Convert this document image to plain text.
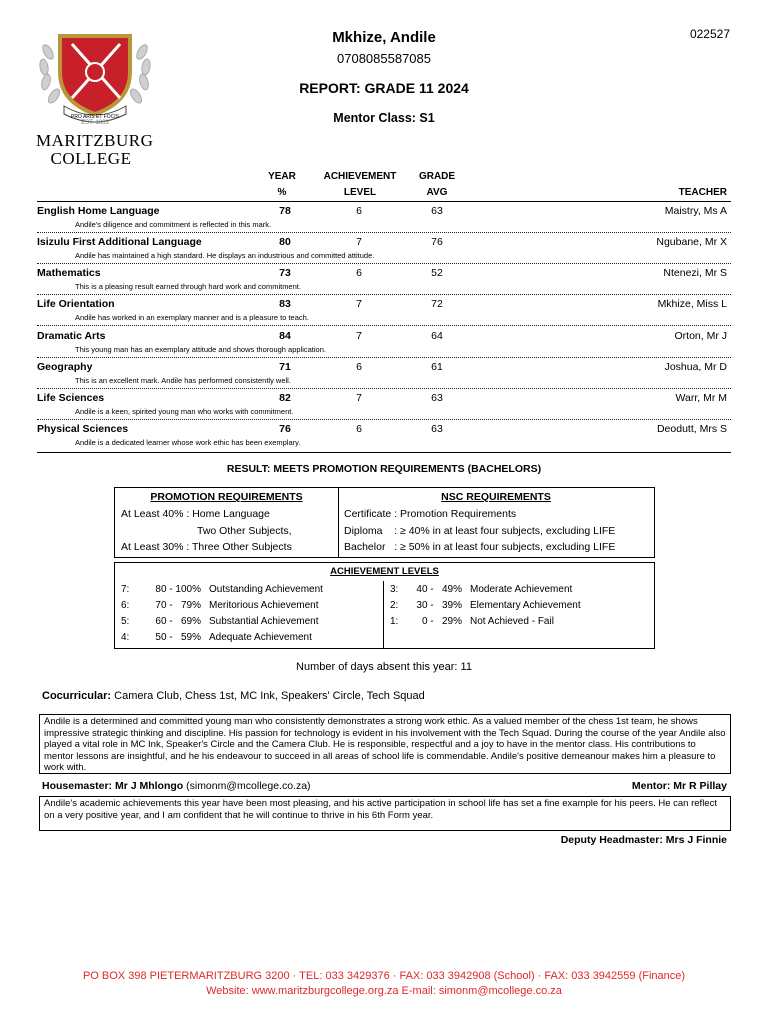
PRO ARIS ET FOCIS
EST. 1863
MARITZBURG
COLLEGE
Mkhize, Andile
0708085587085
022527
REPORT: GRADE 11 2024
Mentor Class: S1
YEAR
%
ACHIEVEMENT
LEVEL
GRADE
AVG	TEACHER
English Home Language	78	6	63	Maistry, Ms A
Andile's diligence and commitment is reflected in this mark.
Isizulu First Additional Language	80	7	76	Ngubane, Mr X
Andile has maintained a high standard. He displays an industrious and committed attitude.
Mathematics	73	6	52	Ntenezi, Mr S
This is a pleasing result earned through hard work and commitment.
Life Orientation	83	7	72	Mkhize, Miss L
Andile has worked in an exemplary manner and is a pleasure to teach.
Dramatic Arts	84	7	64	Orton, Mr J
This young man has an exemplary attitude and shows thorough application.
Geography	71	6	61	Joshua, Mr D
This is an excellent mark. Andile has performed consistently well.
Life Sciences	82	7	63	Warr, Mr M
Andile is a keen, spirited young man who works with commitment.
Physical Sciences	76	6	63	Deodutt, Mrs S
Andile is a dedicated learner whose work ethic has been exemplary.
RESULT: MEETS PROMOTION REQUIREMENTS (BACHELORS)
PROMOTION REQUIREMENTS
At Least 40% : Home Language
Two Other Subjects,
At Least 30% : Three Other Subjects
NSC REQUIREMENTS
Certificate : Promotion Requirements
Diploma    : ≥ 40% in at least four subjects, excluding LIFE
Bachelor   : ≥ 50% in at least four subjects, excluding LIFE
ACHIEVEMENT LEVELS
7:	80 - 100% Outstanding Achievement
6:	70 -   79% Meritorious Achievement
5:	60 -   69% Substantial Achievement
4:	50 -   59% Adequate Achievement
3: 40 -   49% Moderate Achievement
2: 30 -   39% Elementary Achievement
1: 0 -   29% Not Achieved - Fail
Number of days absent this year: 11
Cocurricular: Camera Club, Chess 1st, MC Ink, Speakers' Circle, Tech Squad
Andile is a determined and committed young man who consistently demonstrates a strong work ethic. As a valued member of the chess 1st team, he shows impressive strategic thinking and discipline. His passion for technology is evident in his involvement with the Tech Squad. During the course of the year Andile also played a vital role in MC Ink, Speaker's Circle and the Camera Club. He is responsible, respectful and a joy to have in the mentor class. His contributions to mentor lessons are insightful, and he his endeavour to succeed in all areas of school life is commendable. Andile's positive demeanour makes him a pleasure to work with.
Housemaster: Mr J Mhlongo (simonm@mcollege.co.za)	Mentor: Mr R Pillay
Andile's academic achievements this year have been most pleasing, and his active participation in school life has set a fine example for his peers. He can reflect on a very positive year, and I am confident that he will continue to thrive in his 6th Form year.
Deputy Headmaster: Mrs J Finnie
PO BOX 398 PIETERMARITZBURG 3200 · TEL: 033 3429376 · FAX: 033 3942908 (School) · FAX: 033 3942559 (Finance)
Website: www.maritzburgcollege.org.za E-mail: simonm@mcollege.co.za
